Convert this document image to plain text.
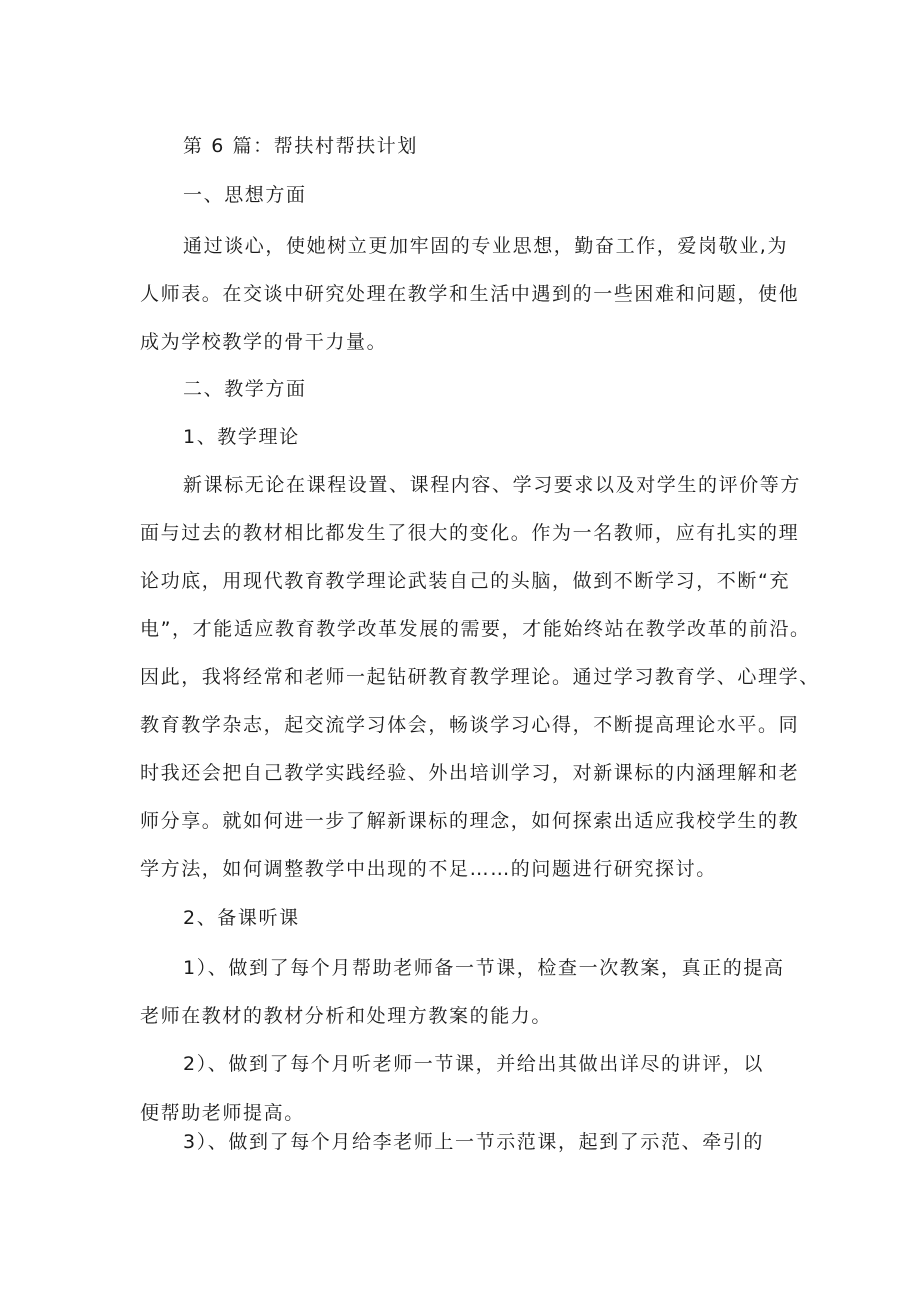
第 6 篇：帮扶村帮扶计划
一、思想方面
通过谈心，使她树立更加牢固的专业思想，勤奋工作，爱岗敬业,为
人师表。在交谈中研究处理在教学和生活中遇到的一些困难和问题，使他
成为学校教学的骨干力量。
二、教学方面
1、教学理论
新课标无论在课程设置、课程内容、学习要求以及对学生的评价等方
面与过去的教材相比都发生了很大的变化。作为一名教师，应有扎实的理
论功底，用现代教育教学理论武装自己的头脑，做到不断学习，不断“充
电”，才能适应教育教学改革发展的需要，才能始终站在教学改革的前沿。
因此，我将经常和老师一起钻研教育教学理论。通过学习教育学、心理学、
教育教学杂志，起交流学习体会，畅谈学习心得，不断提高理论水平。同
时我还会把自己教学实践经验、外出培训学习，对新课标的内涵理解和老
师分享。就如何进一步了解新课标的理念，如何探索出适应我校学生的教
学方法，如何调整教学中出现的不足……的问题进行研究探讨。
2、备课听课
1）、做到了每个月帮助老师备一节课，检查一次教案，真正的提高
老师在教材的教材分析和处理方教案的能力。
2）、做到了每个月听老师一节课，并给出其做出详尽的讲评，以
便帮助老师提高。
3）、做到了每个月给李老师上一节示范课，起到了示范、牵引的
